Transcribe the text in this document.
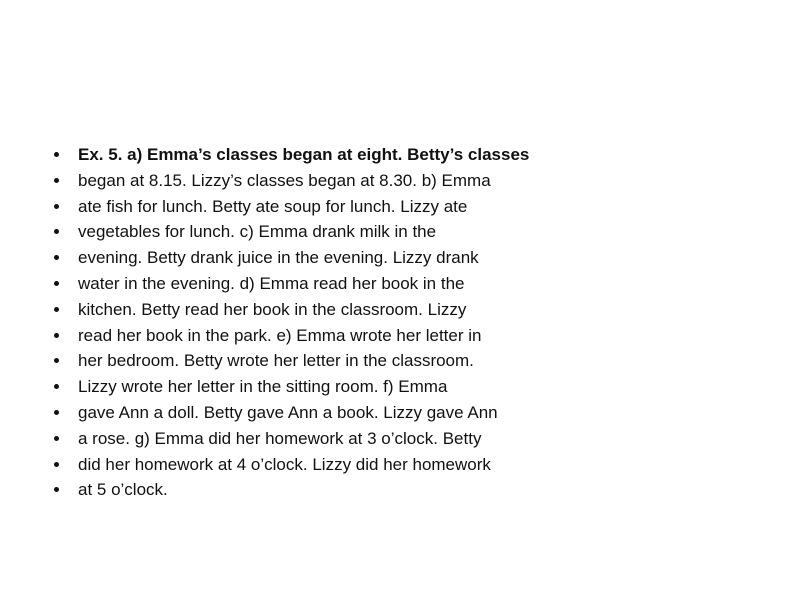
Ex. 5. a) Emma’s classes began at eight. Betty’s classes
began at 8.15. Lizzy’s classes began at 8.30. b) Emma
ate fish for lunch. Betty ate soup for lunch. Lizzy ate
vegetables for lunch. c) Emma drank milk in the
evening. Betty drank juice in the evening. Lizzy drank
water in the evening. d) Emma read her book in the
kitchen. Betty read her book in the classroom. Lizzy
read her book in the park. e) Emma wrote her letter in
her bedroom. Betty wrote her letter in the classroom.
Lizzy wrote her letter in the sitting room. f) Emma
gave Ann a doll. Betty gave Ann a book. Lizzy gave Ann
a rose. g) Emma did her homework at 3 o’clock. Betty
did her homework at 4 o’clock. Lizzy did her homework
at 5 o’clock.
